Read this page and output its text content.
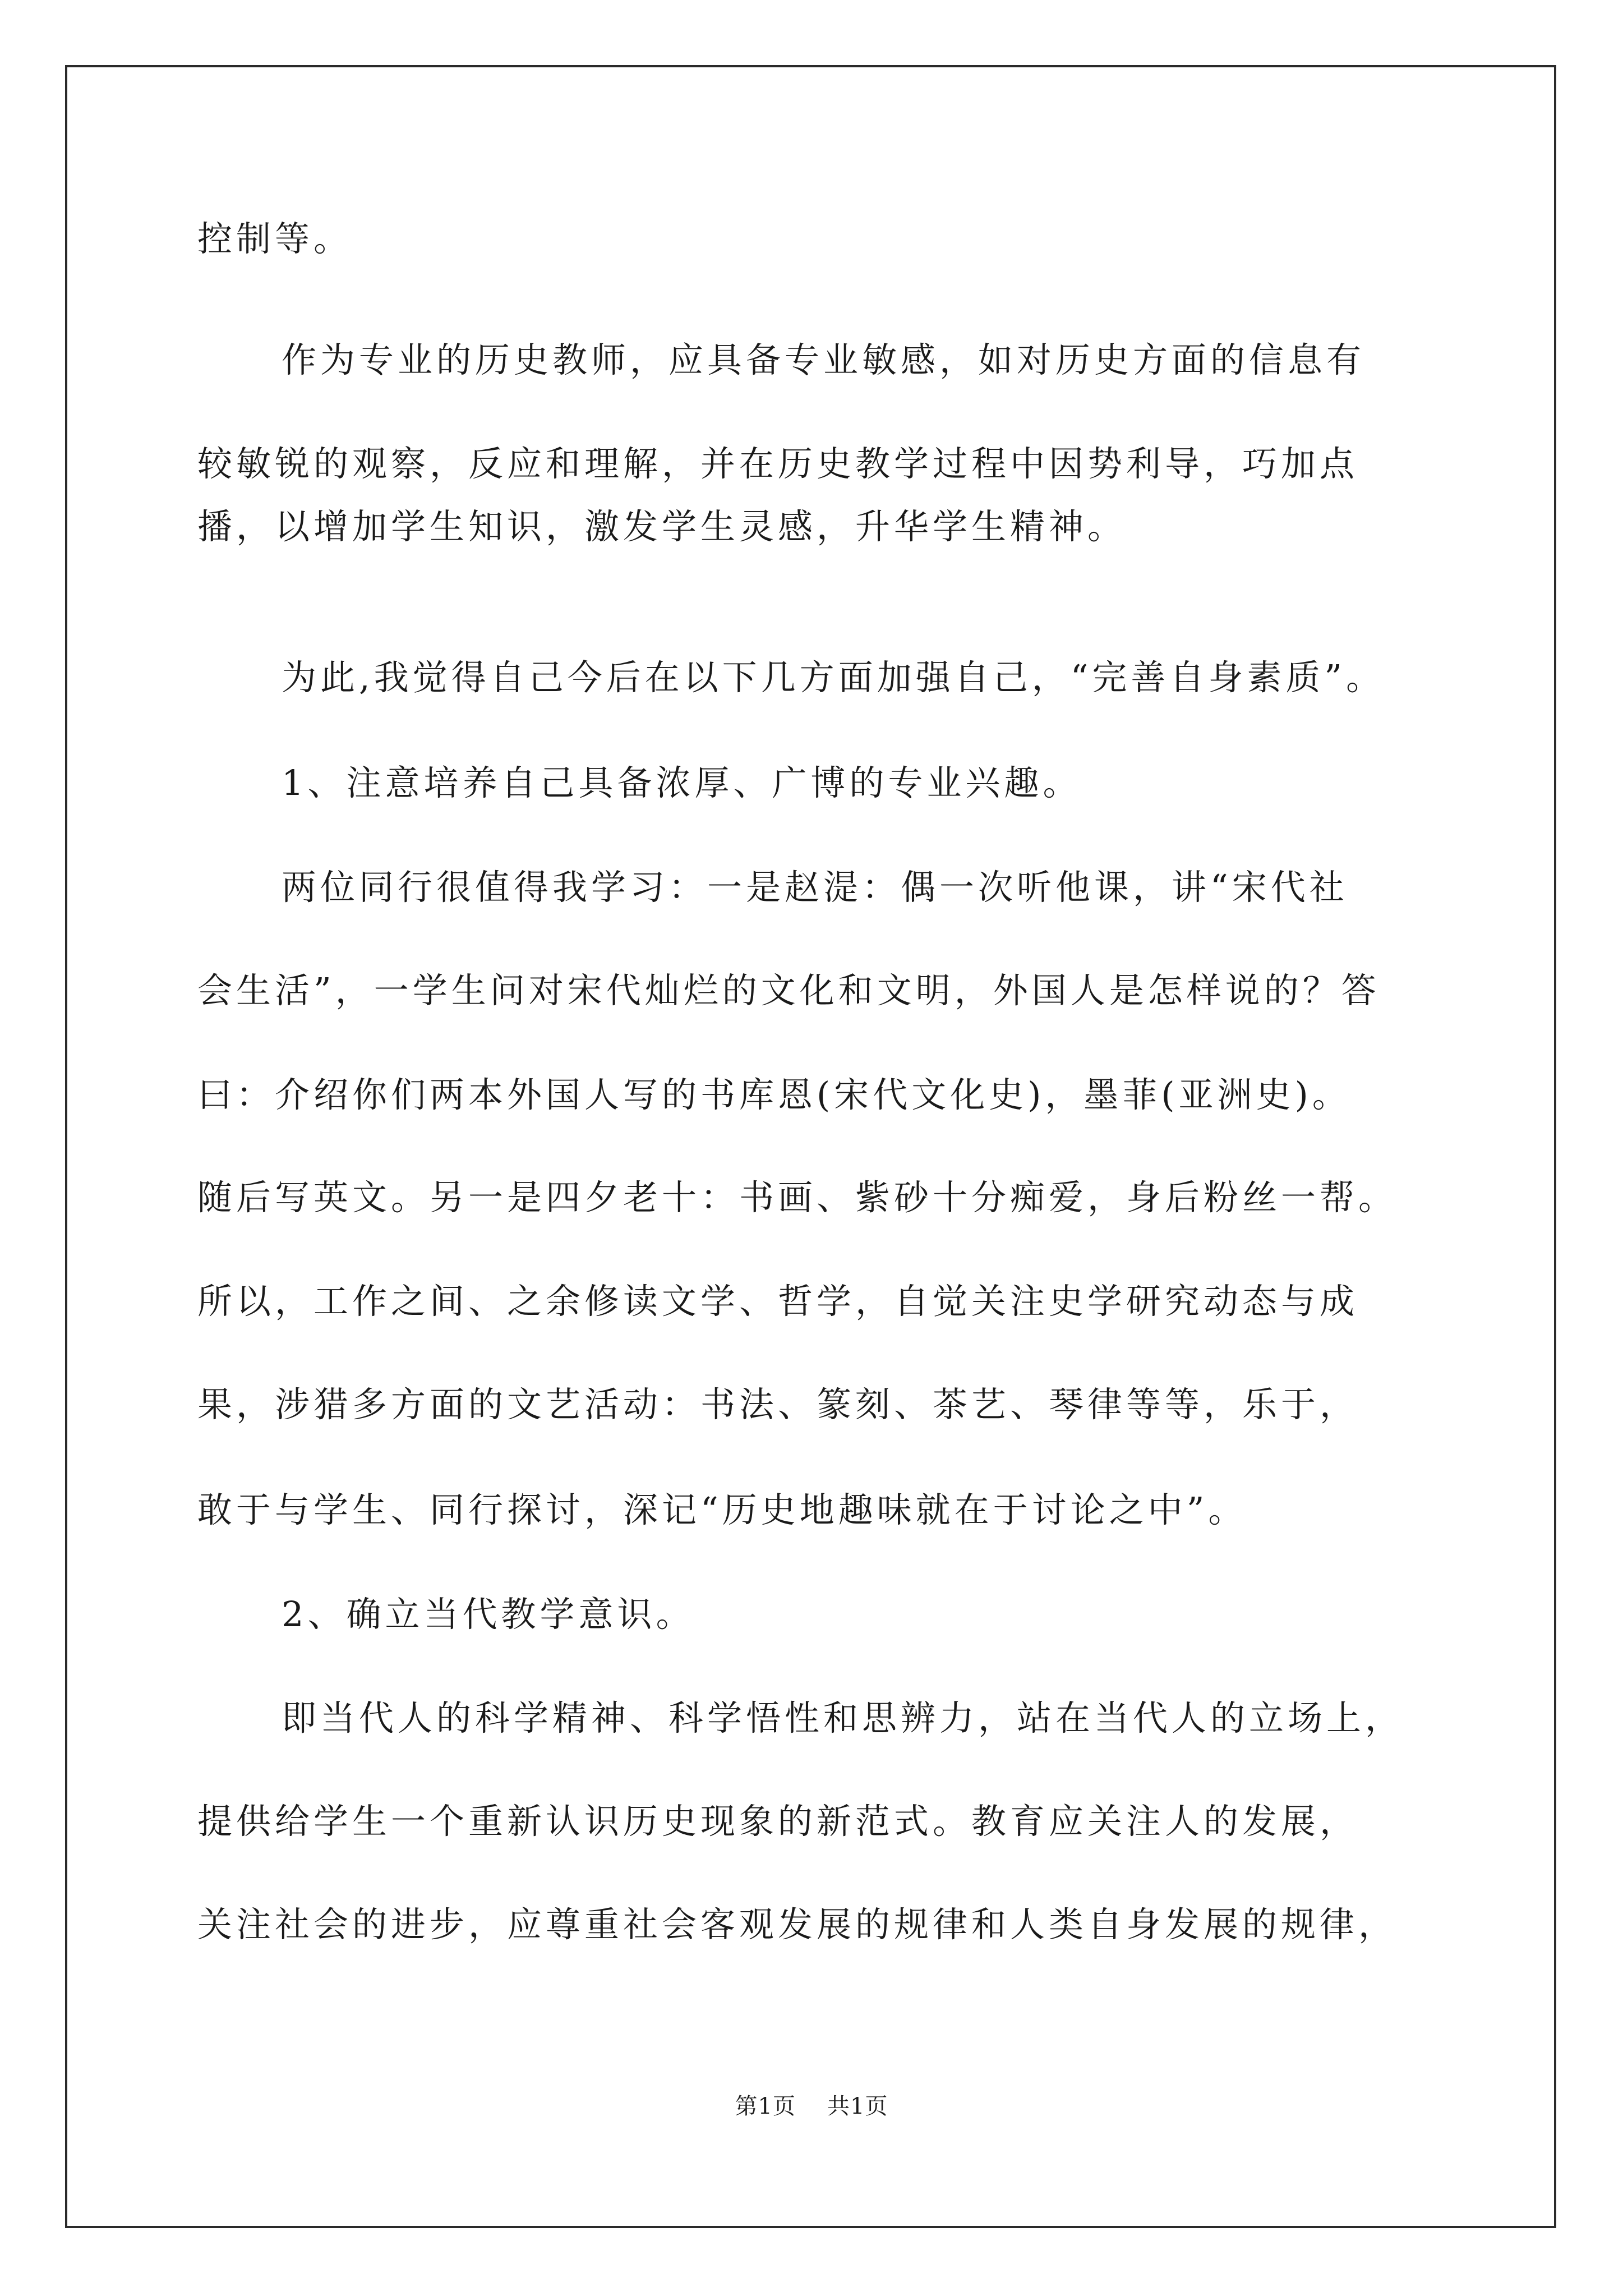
控制等。
作为专业的历史教师，应具备专业敏感，如对历史方面的信息有
较敏锐的观察，反应和理解，并在历史教学过程中因势利导，巧加点
播，以增加学生知识，激发学生灵感，升华学生精神。
为此,我觉得自己今后在以下几方面加强自己，“完善自身素质”。
1、注意培养自己具备浓厚、广博的专业兴趣。
两位同行很值得我学习：一是赵湜：偶一次听他课，讲“宋代社
会生活”，一学生问对宋代灿烂的文化和文明，外国人是怎样说的？答
曰：介绍你们两本外国人写的书库恩(宋代文化史)，墨菲(亚洲史)。
随后写英文。另一是四夕老十：书画、紫砂十分痴爱，身后粉丝一帮。
所以，工作之间、之余修读文学、哲学，自觉关注史学研究动态与成
果，涉猎多方面的文艺活动：书法、篆刻、茶艺、琴律等等，乐于，
敢于与学生、同行探讨，深记“历史地趣味就在于讨论之中”。
2、确立当代教学意识。
即当代人的科学精神、科学悟性和思辨力，站在当代人的立场上，
提供给学生一个重新认识历史现象的新范式。教育应关注人的发展，
关注社会的进步，应尊重社会客观发展的规律和人类自身发展的规律，
第1页 共1页
